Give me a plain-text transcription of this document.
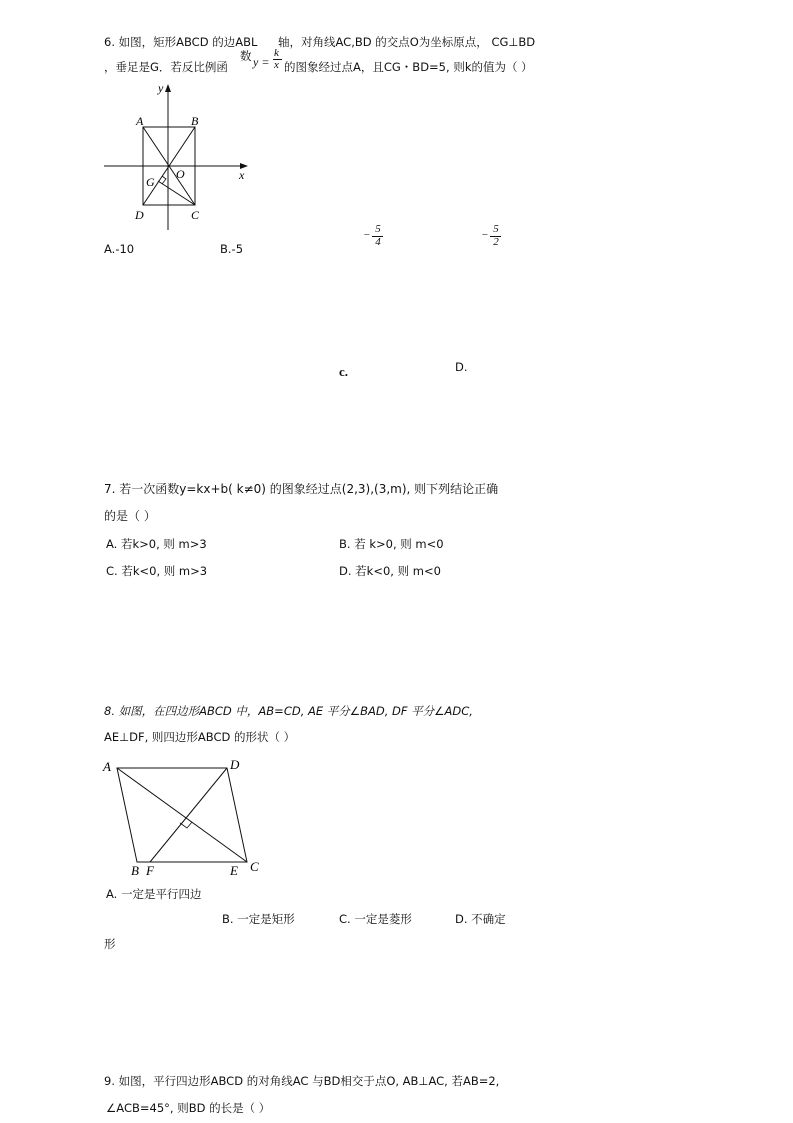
6. 如图，矩形ABCD 的边ABL 轴，对角线AC,BD 的交点O为坐标原点， CG⊥BD
，垂足是G．若反比例函
数 y =
k
x 的图象经过点A，且CG・BD=5, 则k的值为（ ）
y
A	B
O	x
G
D	C
A.-10	B.-5
− 5
4
− 5
2
c.	D.
7. 若一次函数y=kx+b( k≠0) 的图象经过点(2,3),(3,m), 则下列结论正确
的是（ ）
A. 若k>0, 则 m>3	B. 若 k>0, 则 m<0
C. 若k<0, 则 m>3	D. 若k<0, 则 m<0
8. 如图，在四边形ABCD 中，AB=CD, AE 平分∠BAD, DF 平分∠ADC,
AE⊥DF, 则四边形ABCD 的形状（ ）
A	D
B F	E C
A. 一定是平行四边
B. 一定是矩形	C. 一定是菱形	D. 不确定
形
9. 如图，平行四边形ABCD 的对角线AC 与BD相交于点O, AB⊥AC, 若AB=2,
∠ACB=45°, 则BD 的长是（ ）
